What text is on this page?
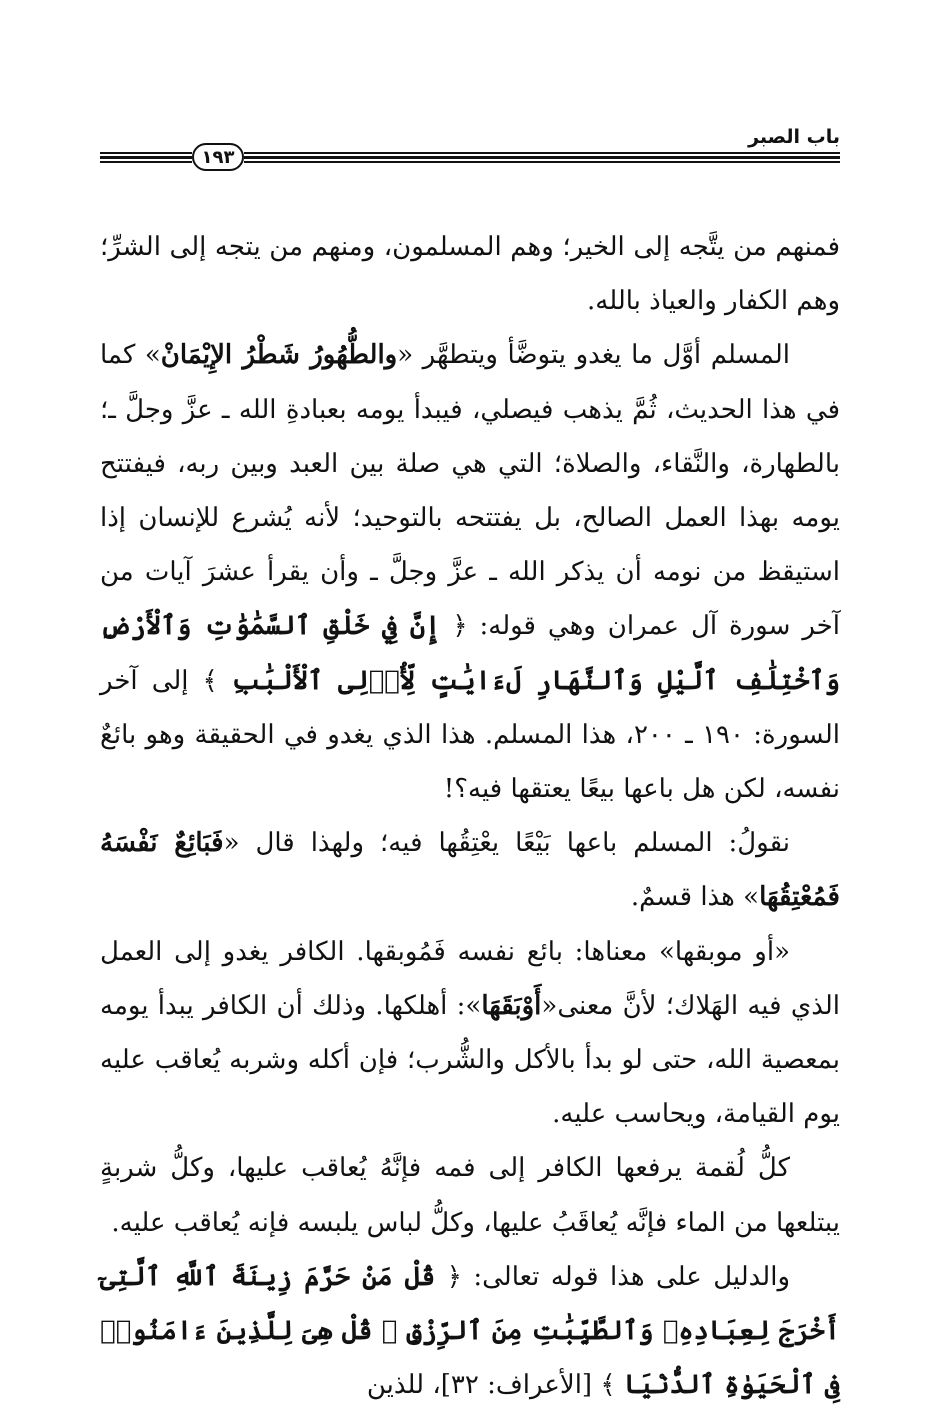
باب الصبر
١٩٣

فمنهم من يتَّجه إلى الخير؛ وهم المسلمون، ومنهم من يتجه إلى الشرِّ؛ وهم الكفار والعياذ بالله.

المسلم أوَّل ما يغدو يتوضَّأ ويتطهَّر «والطُّهُورُ شَطْرُ الإِيْمَانْ» كما في هذا الحديث، ثُمَّ يذهب فيصلي، فيبدأ يومه بعبادةِ الله ـ عزَّ وجلَّ ـ؛ بالطهارة، والنَّقاء، والصلاة؛ التي هي صلة بين العبد وبين ربه، فيفتتح يومه بهذا العمل الصالح، بل يفتتحه بالتوحيد؛ لأنه يُشرع للإنسان إذا استيقظ من نومه أن يذكر الله ـ عزَّ وجلَّ ـ وأن يقرأ عشرَ آيات من آخر سورة آل عمران وهي قوله: ﴿ إِنَّ فِي خَلْقِ ٱلسَّمَٰوَٰتِ وَٱلْأَرْضِ وَٱخْتِلَٰفِ ٱلَّيْلِ وَٱلنَّهَارِ لَءَايَٰتٍ لِّأُو۟لِى ٱلْأَلْبَٰبِ ﴾ إلى آخر السورة: ١٩٠ ـ ٢٠٠، هذا المسلم. هذا الذي يغدو في الحقيقة وهو بائعٌ نفسه، لكن هل باعها بيعًا يعتقها فيه؟!

نقولُ: المسلم باعها بَيْعًا يعْتِقُها فيه؛ ولهذا قال «فَبَائِعٌ نَفْسَهُ فَمُعْتِقُهَا» هذا قسمٌ.

«أو موبقها» معناها: بائع نفسه فَمُوبقها. الكافر يغدو إلى العمل الذي فيه الهَلاك؛ لأنَّ معنى«أَوْبَقَهَا»: أهلكها. وذلك أن الكافر يبدأ يومه بمعصية الله، حتى لو بدأ بالأكل والشُّرب؛ فإن أكله وشربه يُعاقب عليه يوم القيامة، ويحاسب عليه.

كلُّ لُقمة يرفعها الكافر إلى فمه فإنَّهُ يُعاقب عليها، وكلُّ شربةٍ يبتلعها من الماء فإنَّه يُعاقَبُ عليها، وكلُّ لباس يلبسه فإنه يُعاقب عليه.

والدليل على هذا قوله تعالى: ﴿ قُلْ مَنْ حَرَّمَ زِينَةَ ٱللَّهِ ٱلَّتِىٓ أَخْرَجَ لِعِبَادِهِۦ وَٱلطَّيِّبَٰتِ مِنَ ٱلرِّزْقِ ۚ قُلْ هِىَ لِلَّذِينَ ءَامَنُوا۟ فِى ٱلْحَيَوٰةِ ٱلدُّنْيَا ﴾ [الأعراف: ٣٢]، للذين
